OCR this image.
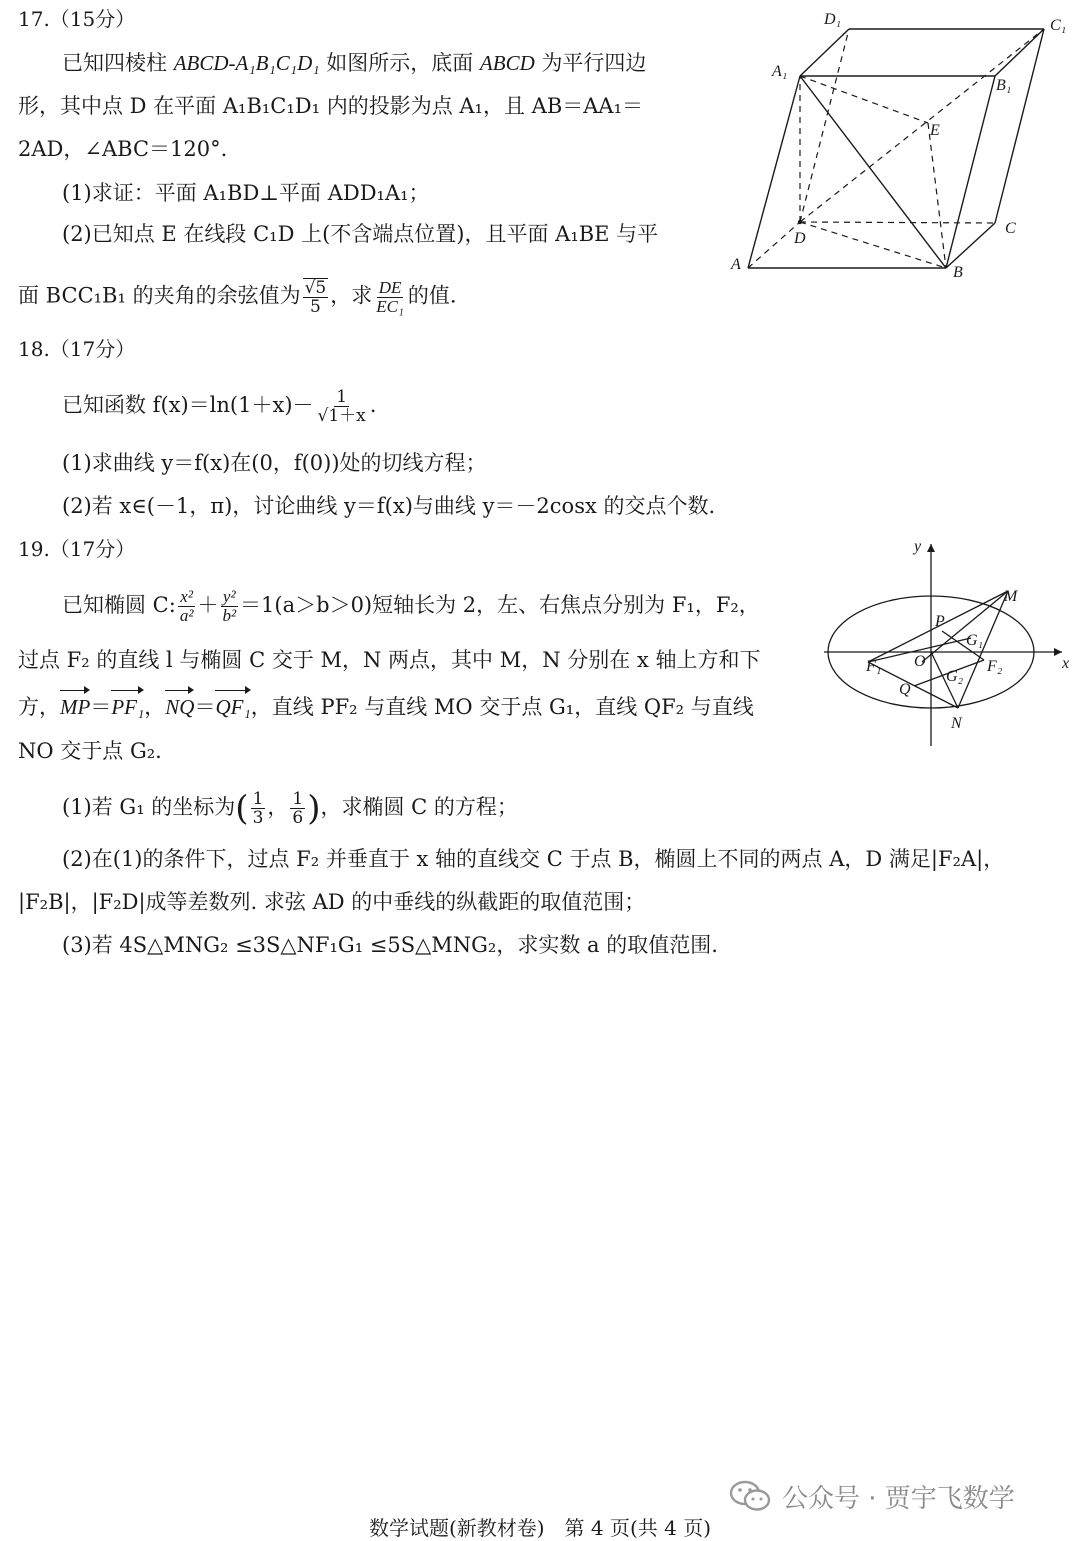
17.（15分）
已知四棱柱 ABCD-A₁B₁C₁D₁ 如图所示，底面 ABCD 为平行四边
形，其中点 D 在平面 A₁B₁C₁D₁ 内的投影为点 A₁，且 AB＝AA₁＝
2AD，∠ABC＝120°.
(1)求证：平面 A₁BD⊥平面 ADD₁A₁；
(2)已知点 E 在线段 C₁D 上(不含端点位置)，且平面 A₁BE 与平
面 BCC₁B₁ 的夹角的余弦值为 $\frac{√5}{5}$ ，求 $\frac{DE}{\text{EC₁}}$ 的值.
D₁	C₁
A₁
B₁
E
D
C
A	B
18.（17分）
已知函数 $f(x)=\ln(1+x)- \frac{1}{√1+x}$ .
(1)求曲线 y＝f(x)在(0，f(0))处的切线方程；
(2)若 x∈(－1，π)，讨论曲线 y＝f(x)与曲线 y＝－2cosx 的交点个数.
19.（17分）
已知椭圆 C: $\frac{\text{x²}}{\text{a²}} + \frac{\text{y²}}{\text{b²}} =1(a>b>0)$短轴长为 2，左、右焦点分别为 F₁，F₂，
过点 F₂ 的直线 l 与椭圆 C 交于 M，N 两点，其中 M，N 分别在 x 轴上方和下
方，MP＝PF₁，NQ＝QF₁，直线 PF₂ 与直线 MO 交于点 G₁，直线 QF₂ 与直线
NO 交于点 G₂.
(1)若 G₁ 的坐标为( $\frac{1}{3}$ ， $\frac{1}{6}$ )，求椭圆 C 的方程；
(2)在(1)的条件下，过点 F₂ 并垂直于 x 轴的直线交 C 于点 B，椭圆上不同的两点 A，D 满足|F₂A|，
|F₂B|，|F₂D|成等差数列. 求弦 AD 的中垂线的纵截距的取值范围；
(3)若 4S△MNG₂ ≤3S△NF₁G₁ ≤5S△MNG₂，求实数 a 的取值范围.
y
x
M
P
G₁
F₁ O	F₂
Q
G₂
N
公众号 · 贾宇飞数学
数学试题(新教材卷)　第 4 页(共 4 页)
